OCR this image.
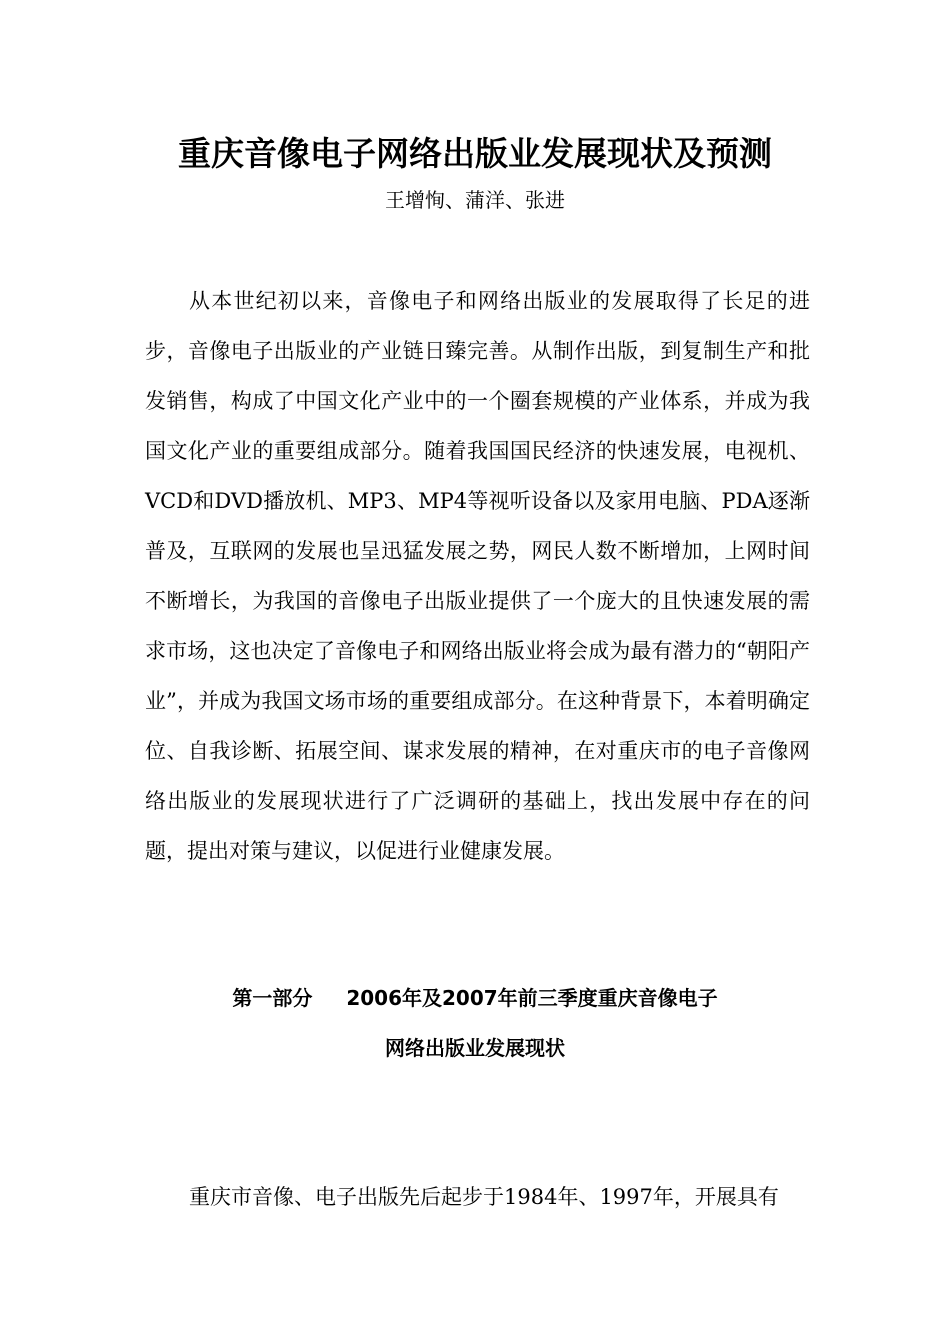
重庆音像电子网络出版业发展现状及预测
王增恂、蒲洋、张进

从本世纪初以来，音像电子和网络出版业的发展取得了长足的进步，音像电子出版业的产业链日臻完善。从制作出版，到复制生产和批发销售，构成了中国文化产业中的一个圈套规模的产业体系，并成为我国文化产业的重要组成部分。随着我国国民经济的快速发展，电视机、VCD和DVD播放机、MP3、MP4等视听设备以及家用电脑、PDA逐渐普及，互联网的发展也呈迅猛发展之势，网民人数不断增加，上网时间不断增长，为我国的音像电子出版业提供了一个庞大的且快速发展的需求市场，这也决定了音像电子和网络出版业将会成为最有潜力的“朝阳产业”，并成为我国文场市场的重要组成部分。在这种背景下，本着明确定位、自我诊断、拓展空间、谋求发展的精神，在对重庆市的电子音像网络出版业的发展现状进行了广泛调研的基础上，找出发展中存在的问题，提出对策与建议，以促进行业健康发展。

第一部分 2006年及2007年前三季度重庆音像电子
网络出版业发展现状

重庆市音像、电子出版先后起步于1984年、1997年，开展具有
